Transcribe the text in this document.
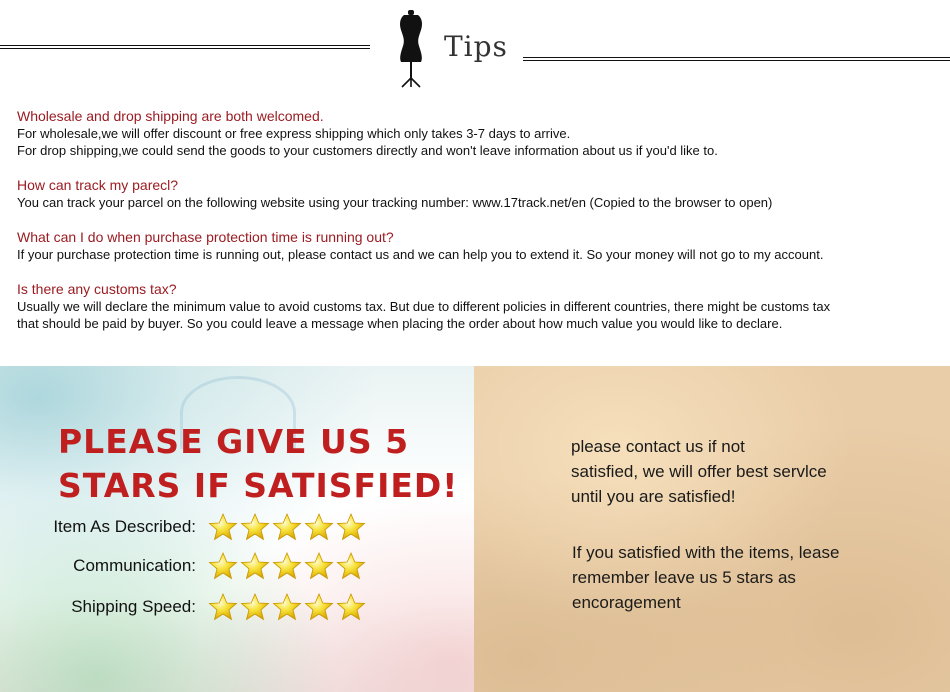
Tips
Wholesale and drop shipping are both welcomed.
For wholesale,we will offer discount or free express shipping which only takes 3-7 days to arrive.
For drop shipping,we could send the goods to your customers directly and won't leave information about us if you'd like to.
How can track my parecl?
You can track your parcel on the following website using your tracking number: www.17track.net/en (Copied to the browser to open)
What can I do when purchase protection time is running out?
If your purchase protection time is running out, please contact us and we can help you to extend it. So your money will not go to my account.
Is there any customs tax?
Usually we will declare the minimum value to avoid customs tax. But due to different policies in different countries, there might be customs tax
that should be paid by buyer. So you could leave a message when placing the order about how much value you would like to declare.
PLEASE GIVE US 5
STARS IF SATISFIED!
Item As Described:
Communication:
Shipping Speed:
please contact us if not
satisfied, we will offer best servlce
until you are satisfied!
If you satisfied with the items, lease
remember leave us 5 stars as
encoragement
